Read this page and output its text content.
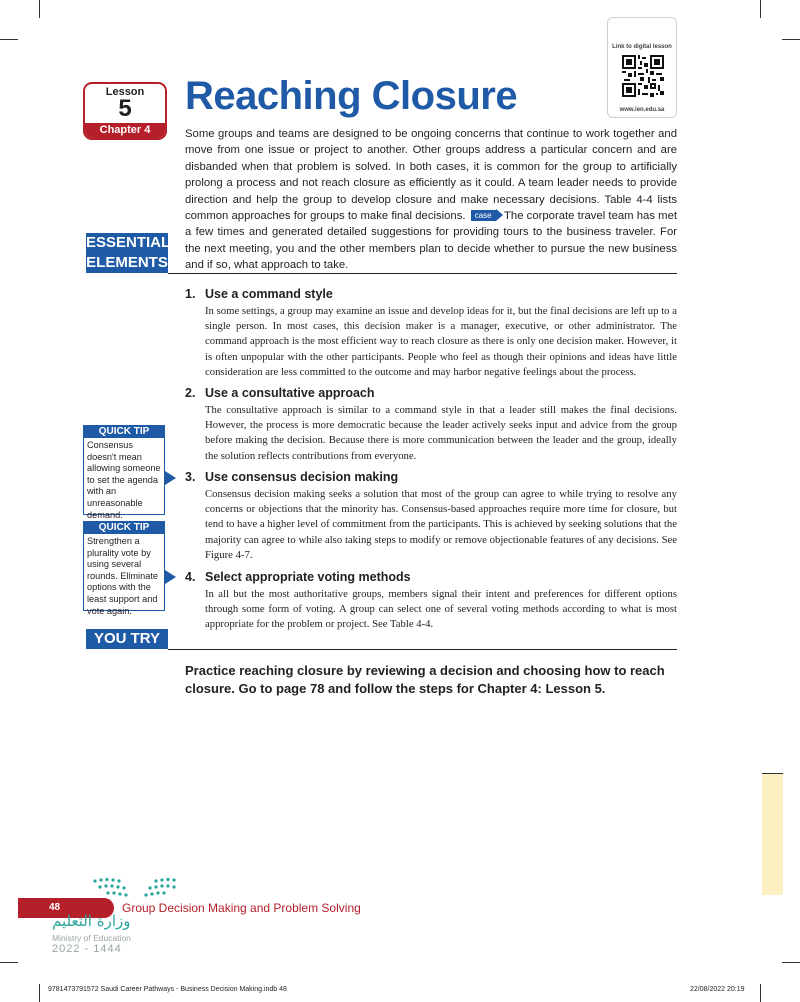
Link to digital lesson
www.ien.edu.sa
Lesson
5
Chapter 4
Reaching Closure
Some groups and teams are designed to be ongoing concerns that continue to work together and move from one issue or project to another. Other groups address a particular concern and are disbanded when that problem is solved. In both cases, it is common for the group to artificially prolong a process and not reach closure as efficiently as it could. A team leader needs to provide direction and help the group to develop closure and make necessary decisions. Table 4-4 lists common approaches for groups to make final decisions. case The corporate travel team has met a few times and generated detailed suggestions for providing tours to the business traveler. For the next meeting, you and the other members plan to decide whether to pursue the new business and if so, what approach to take.
ESSENTIAL
ELEMENTS
1. Use a command style
In some settings, a group may examine an issue and develop ideas for it, but the final decisions are left up to a single person. In most cases, this decision maker is a manager, executive, or other administrator. The command approach is the most efficient way to reach closure as there is only one decision maker. However, it is often unpopular with the other participants. People who feel as though their opinions and ideas have little consideration are less committed to the outcome and may harbor negative feelings about the process.
2. Use a consultative approach
The consultative approach is similar to a command style in that a leader still makes the final decisions. However, the process is more democratic because the leader actively seeks input and advice from the group before making the decision. Because there is more communication between the leader and the group, ideally the solution reflects contributions from everyone.
3. Use consensus decision making
Consensus decision making seeks a solution that most of the group can agree to while trying to resolve any concerns or objections that the minority has. Consensus-based approaches require more time for closure, but tend to have a higher level of commitment from the participants. This is achieved by seeking solutions that the majority can agree to while also taking steps to modify or remove objectionable features of any decisions. See Figure 4-7.
4. Select appropriate voting methods
In all but the most authoritative groups, members signal their intent and preferences for different options through some form of voting. A group can select one of several voting methods according to what is most appropriate for the problem or project. See Table 4-4.
QUICK TIP
Consensus doesn't mean allowing someone to set the agenda with an unreasonable demand.
QUICK TIP
Strengthen a plurality vote by using several rounds. Eliminate options with the least support and vote again.
YOU TRY IT
Practice reaching closure by reviewing a decision and choosing how to reach closure. Go to page 78 and follow the steps for Chapter 4: Lesson 5.
48	Group Decision Making and Problem Solving
وزارة التعليم
Ministry of Education
2022 - 1444
9781473791572 Saudi Career Pathways - Business Decision Making.indb 48	22/08/2022 20:19
